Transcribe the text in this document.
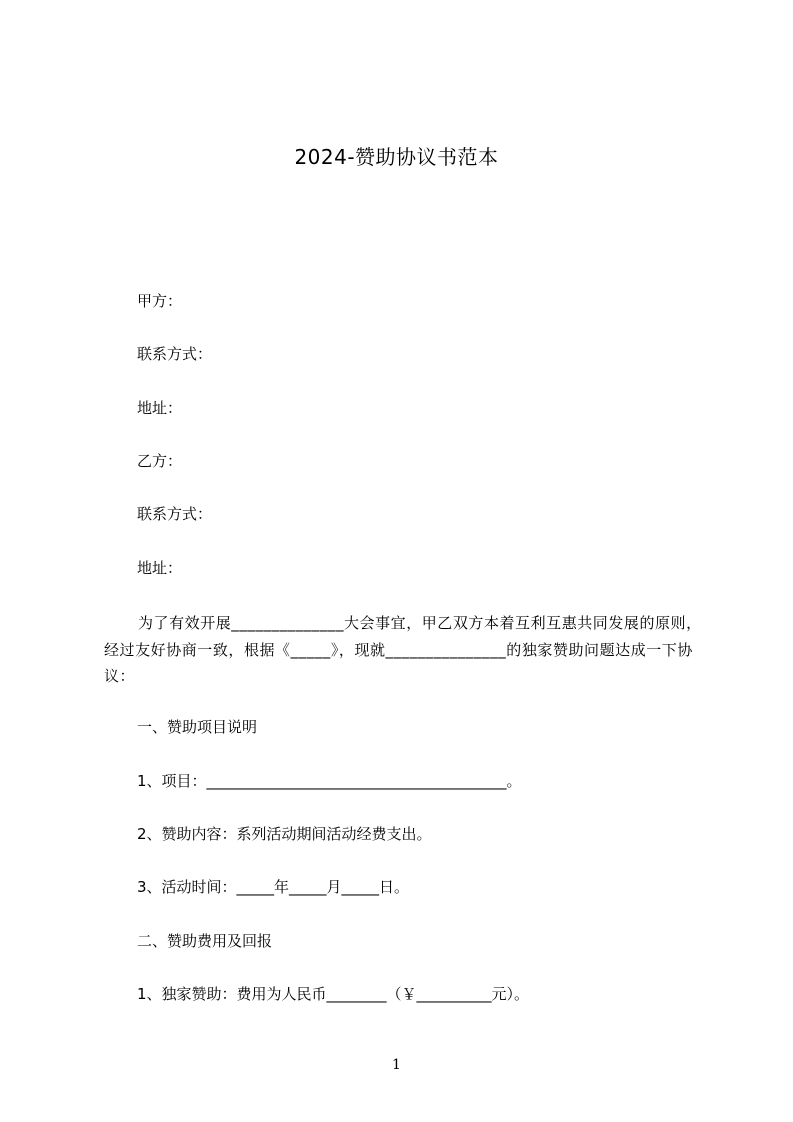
2024-赞助协议书范本
甲方：
联系方式：
地址：
乙方：
联系方式：
地址：
为了有效开展______________大会事宜，甲乙双方本着互利互惠共同发展的原则，经过友好协商一致，根据《_____》，现就_______________的独家赞助问题达成一下协议：
一、赞助项目说明
1、项目：________________________________________。
2、赞助内容：系列活动期间活动经费支出。
3、活动时间：_____年_____月_____日。
二、赞助费用及回报
1、独家赞助：费用为人民币________（￥__________元）。
1
